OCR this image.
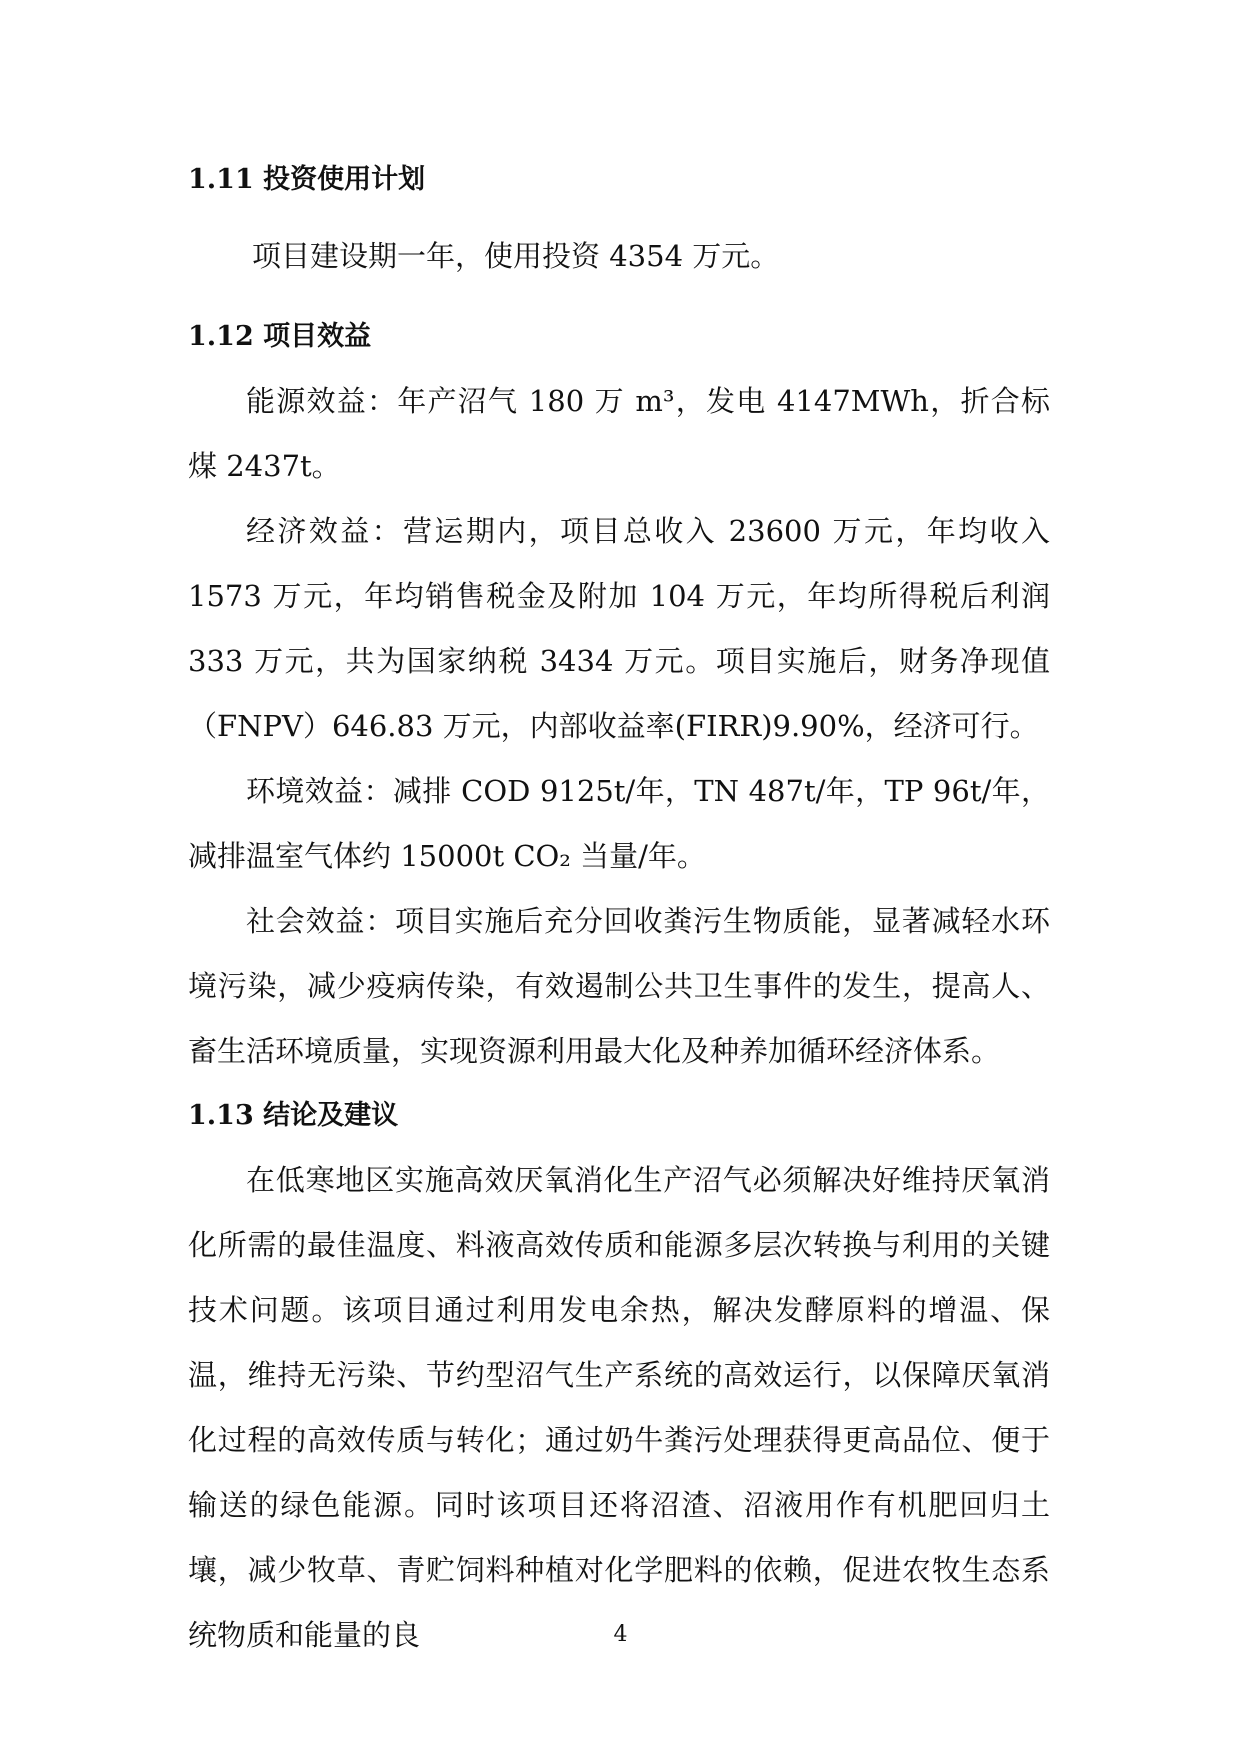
1.11 投资使用计划

项目建设期一年，使用投资 4354 万元。

1.12 项目效益

能源效益：年产沼气 180 万 m³，发电 4147MWh，折合标煤 2437t。

经济效益：营运期内，项目总收入 23600 万元，年均收入 1573 万元，年均销售税金及附加 104 万元，年均所得税后利润 333 万元，共为国家纳税 3434 万元。项目实施后，财务净现值（FNPV）646.83 万元，内部收益率(FIRR)9.90%，经济可行。

环境效益：减排 COD 9125t/年，TN 487t/年，TP 96t/年，减排温室气体约 15000t CO₂ 当量/年。

社会效益：项目实施后充分回收粪污生物质能，显著减轻水环境污染，减少疫病传染，有效遏制公共卫生事件的发生，提高人、畜生活环境质量，实现资源利用最大化及种养加循环经济体系。

1.13 结论及建议

在低寒地区实施高效厌氧消化生产沼气必须解决好维持厌氧消化所需的最佳温度、料液高效传质和能源多层次转换与利用的关键技术问题。该项目通过利用发电余热，解决发酵原料的增温、保温，维持无污染、节约型沼气生产系统的高效运行，以保障厌氧消化过程的高效传质与转化；通过奶牛粪污处理获得更高品位、便于输送的绿色能源。同时该项目还将沼渣、沼液用作有机肥回归土壤，减少牧草、青贮饲料种植对化学肥料的依赖，促进农牧生态系统物质和能量的良	4
